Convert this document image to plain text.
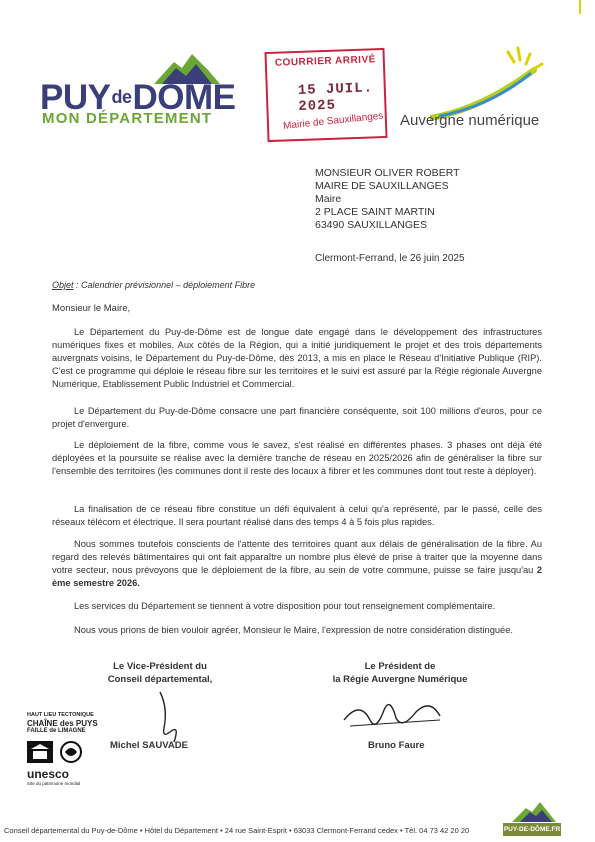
PUYdeDÔME
MON DÉPARTEMENT
COURRIER ARRIVÉ
15 JUIL. 2025
Mairie de Sauxillanges Auvergne numérique
MONSIEUR OLIVER ROBERT
MAIRE DE SAUXILLANGES
Maire
2 PLACE SAINT MARTIN
63490 SAUXILLANGES
Clermont-Ferrand, le 26 juin 2025
Objet : Calendrier prévisionnel – déploiement Fibre
Monsieur le Maire,

Le Département du Puy-de-Dôme est de longue date engagé dans le développement des infrastructures numériques fixes et mobiles. Aux côtés de la Région, qui a initié juridiquement le projet et des trois départements auvergnats voisins, le Département du Puy-de-Dôme, dès 2013, a mis en place le Réseau d'Initiative Publique (RIP). C'est ce programme qui déploie le réseau fibre sur les territoires et le suivi est assuré par la Régie régionale Auvergne Numérique, Etablissement Public Industriel et Commercial.

Le Département du Puy-de-Dôme consacre une part financière conséquente, soit 100 millions d'euros, pour ce projet d'envergure.

Le déploiement de la fibre, comme vous le savez, s'est réalisé en différentes phases. 3 phases ont déjà été déployées et la poursuite se réalise avec la dernière tranche de réseau en 2025/2026 afin de généraliser la fibre sur l'ensemble des territoires (les communes dont il reste des locaux à fibrer et les communes dont tout reste à déployer).

La finalisation de ce réseau fibre constitue un défi équivalent à celui qu'a représenté, par le passé, celle des réseaux télécom et électrique. Il sera pourtant réalisé dans des temps 4 à 5 fois plus rapides.

Nous sommes toutefois conscients de l'attente des territoires quant aux délais de généralisation de la fibre. Au regard des relevés bâtimentaires qui ont fait apparaître un nombre plus élevé de prise à traiter que la moyenne dans votre secteur, nous prévoyons que le déploiement de la fibre, au sein de votre commune, puisse se faire jusqu'au 2 ème semestre 2026.

Les services du Département se tiennent à votre disposition pour tout renseignement complémentaire.

Nous vous prions de bien vouloir agréer, Monsieur le Maire, l'expression de notre considération distinguée.

Le Vice-Président du
Conseil départemental,
Michel SAUVADE
Le Président de
la Régie Auvergne Numérique
Bruno Faure
HAUT LIEU TECTONIQUE
CHAÎNE des PUYS
FAILLE de LIMAGNE
unesco
Site du patrimoine mondial
Conseil départemental du Puy-de-Dôme • Hôtel du Département • 24 rue Saint-Esprit • 63033 Clermont-Ferrand cedex • Tél. 04 73 42 20 20	PUY-DE-DÔME.FR
